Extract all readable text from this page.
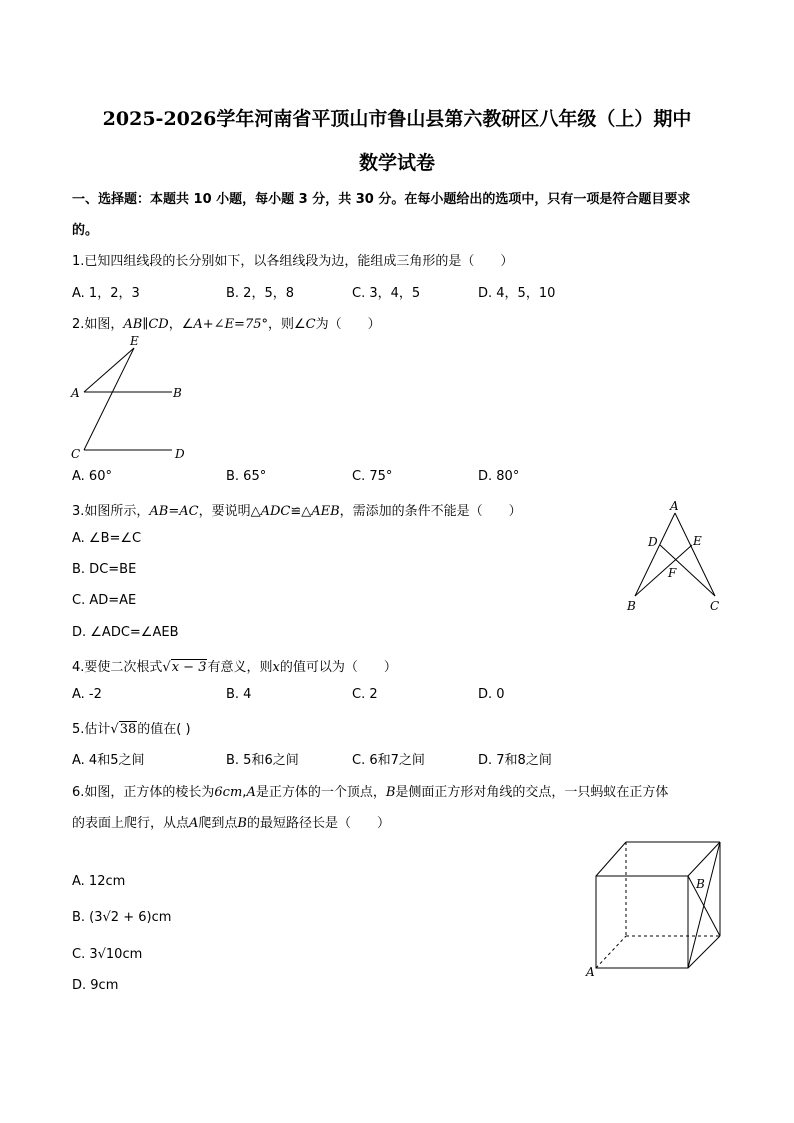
2025-2026学年河南省平顶山市鲁山县第六教研区八年级（上）期中
数学试卷
一、选择题：本题共 10 小题，每小题 3 分，共 30 分。在每小题给出的选项中，只有一项是符合题目要求
的。
1.已知四组线段的长分别如下，以各组线段为边，能组成三角形的是（　　）
A. 1，2，3	B. 2，5，8	C. 3，4，5	D. 4，5，10
2.如图，AB∥CD，∠A+∠E=75°，则∠C为（　　）
E
A	B
C	D
A. 60°	B. 65°	C. 75°	D. 80°
3.如图所示，AB=AC，要说明△ADC≌△AEB，需添加的条件不能是（　　）
A. ∠B=∠C
B. DC=BE
C. AD=AE
D. ∠ADC=∠AEB
A
D	E
F
B	C
4.要使二次根式√x − 3有意义，则x的值可以为（　　）
A. -2	B. 4	C. 2	D. 0
5.估计√38的值在( )
A. 4和5之间	B. 5和6之间	C. 6和7之间	D. 7和8之间
6.如图，正方体的棱长为6cm,A是正方体的一个顶点，B是侧面正方形对角线的交点，一只蚂蚁在正方体
的表面上爬行，从点A爬到点B的最短路径长是（　　）
A. 12cm
B. (3√2 + 6)cm
C. 3√10cm
D. 9cm
A
B
